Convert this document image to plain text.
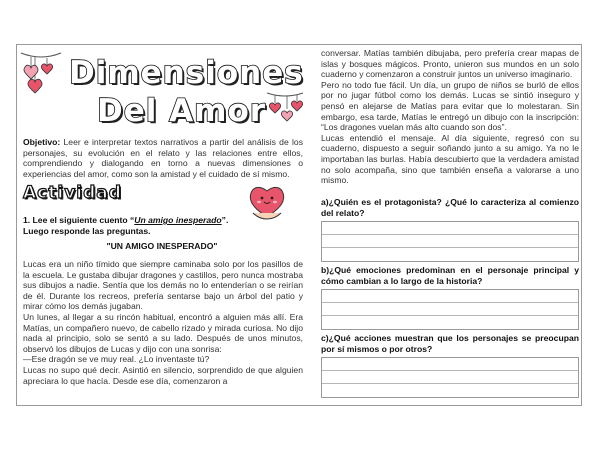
Dimensiones
Del Amor
Objetivo: Leer e interpretar textos narrativos a partir del análisis de los personajes, su evolución en el relato y las relaciones entre ellos, comprendiendo y dialogando en torno a nuevas dimensiones o experiencias del amor, como son la amistad y el cuidado de sí mismo.
Actividad
1. Lee el siguiente cuento “Un amigo inesperado”. Luego responde las preguntas.
"UN AMIGO INESPERADO"

Lucas era un niño tímido que siempre caminaba solo por los pasillos de la escuela. Le gustaba dibujar dragones y castillos, pero nunca mostraba sus dibujos a nadie. Sentía que los demás no lo entenderían o se reirían de él. Durante los recreos, prefería sentarse bajo un árbol del patio y mirar cómo los demás jugaban.

Un lunes, al llegar a su rincón habitual, encontró a alguien más allí. Era Matías, un compañero nuevo, de cabello rizado y mirada curiosa. No dijo nada al principio, solo se sentó a su lado. Después de unos minutos, observó los dibujos de Lucas y dijo con una sonrisa:

—Ese dragón se ve muy real. ¿Lo inventaste tú?

Lucas no supo qué decir. Asintió en silencio, sorprendido de que alguien apreciara lo que hacía. Desde ese día, comenzaron a

conversar. Matías también dibujaba, pero prefería crear mapas de islas y bosques mágicos. Pronto, unieron sus mundos en un solo cuaderno y comenzaron a construir juntos un universo imaginario.

Pero no todo fue fácil. Un día, un grupo de niños se burló de ellos por no jugar fútbol como los demás. Lucas se sintió inseguro y pensó en alejarse de Matías para evitar que lo molestaran. Sin embargo, esa tarde, Matías le entregó un dibujo con la inscripción: “Los dragones vuelan más alto cuando son dos”.

Lucas entendió el mensaje. Al día siguiente, regresó con su cuaderno, dispuesto a seguir soñando junto a su amigo. Ya no le importaban las burlas. Había descubierto que la verdadera amistad no solo acompaña, sino que también enseña a valorarse a uno mismo.

a)¿Quién es el protagonista? ¿Qué lo caracteriza al comienzo del relato?
b)¿Qué emociones predominan en el personaje principal y cómo cambian a lo largo de la historia?
c)¿Qué acciones muestran que los personajes se preocupan por sí mismos o por otros?
